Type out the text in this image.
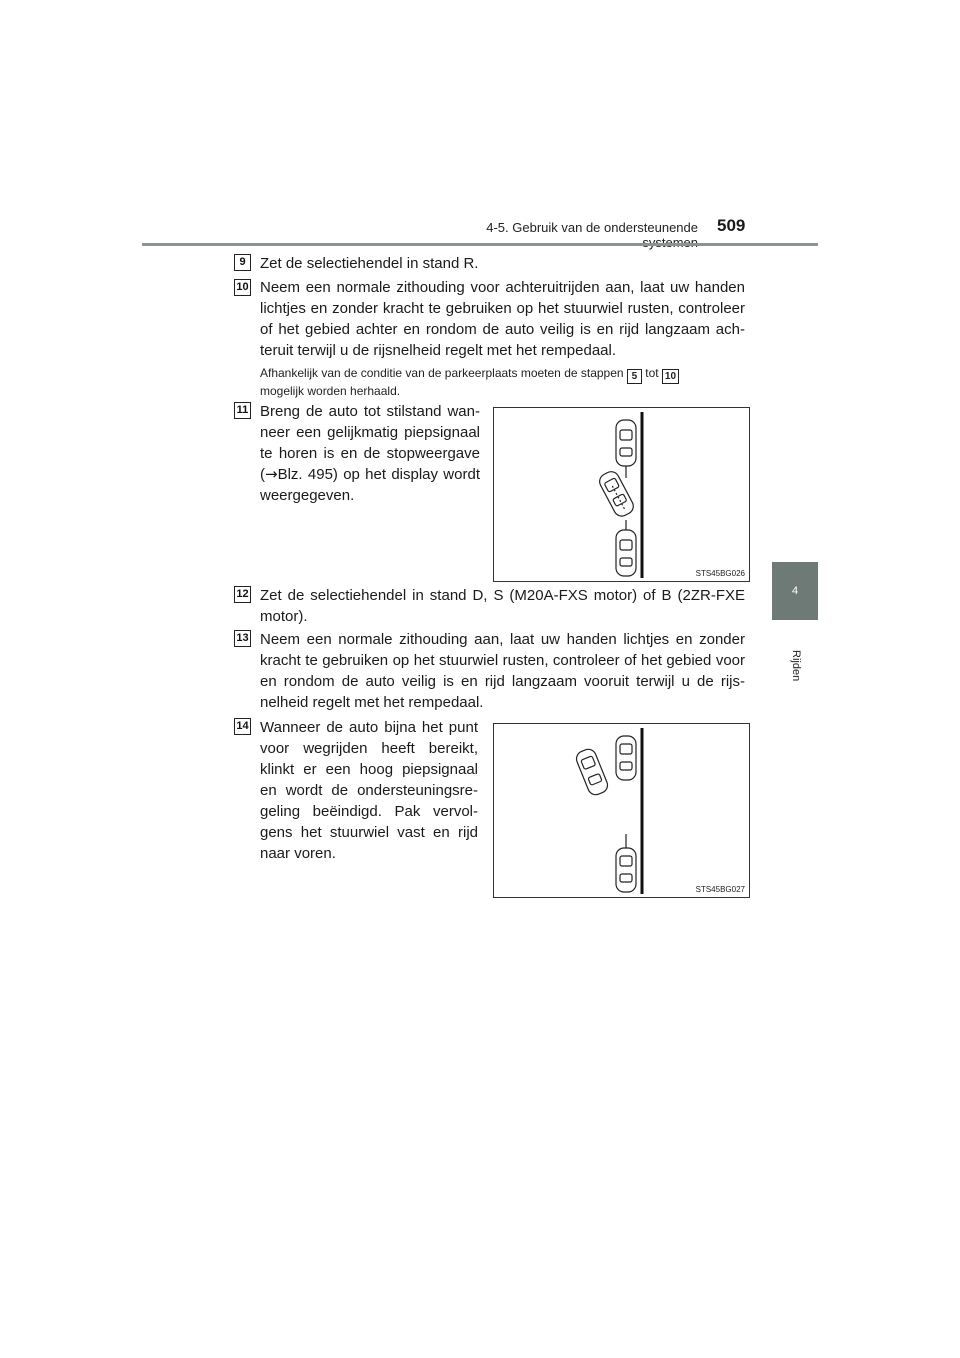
4-5. Gebruik van de ondersteunende 509
4
Rijden
9 Zet de selectiehendel in stand R.
10 Neem een normale zithouding voor achteruitrijden aan, laat uw handen lichtjes en zonder kracht te gebruiken op het stuurwiel rusten, controleer of het gebied achter en rondom de auto veilig is en rijd langzaam ach-teruit terwijl u de rijsnelheid regelt met het rempedaal.
Afhankelijk van de conditie van de parkeerplaats moeten de stappen 5 tot 10
mogelijk worden herhaald.
11 Breng de auto tot stilstand wan-neer een gelijkmatig piepsignaal te horen is en de stopweergave (→Blz. 495) op het display wordt weergegeven.
STS45BG026
12 Zet de selectiehendel in stand D, S (M20A-FXS motor) of B (2ZR-FXE motor).
13 Neem een normale zithouding aan, laat uw handen lichtjes en zonder kracht te gebruiken op het stuurwiel rusten, controleer of het gebied voor en rondom de auto veilig is en rijd langzaam vooruit terwijl u de rijs-nelheid regelt met het rempedaal.
14 Wanneer de auto bijna het punt voor wegrijden heeft bereikt, klinkt er een hoog piepsignaal en wordt de ondersteuningsre-geling beëindigd. Pak vervol-gens het stuurwiel vast en rijd naar voren.
STS45BG027
